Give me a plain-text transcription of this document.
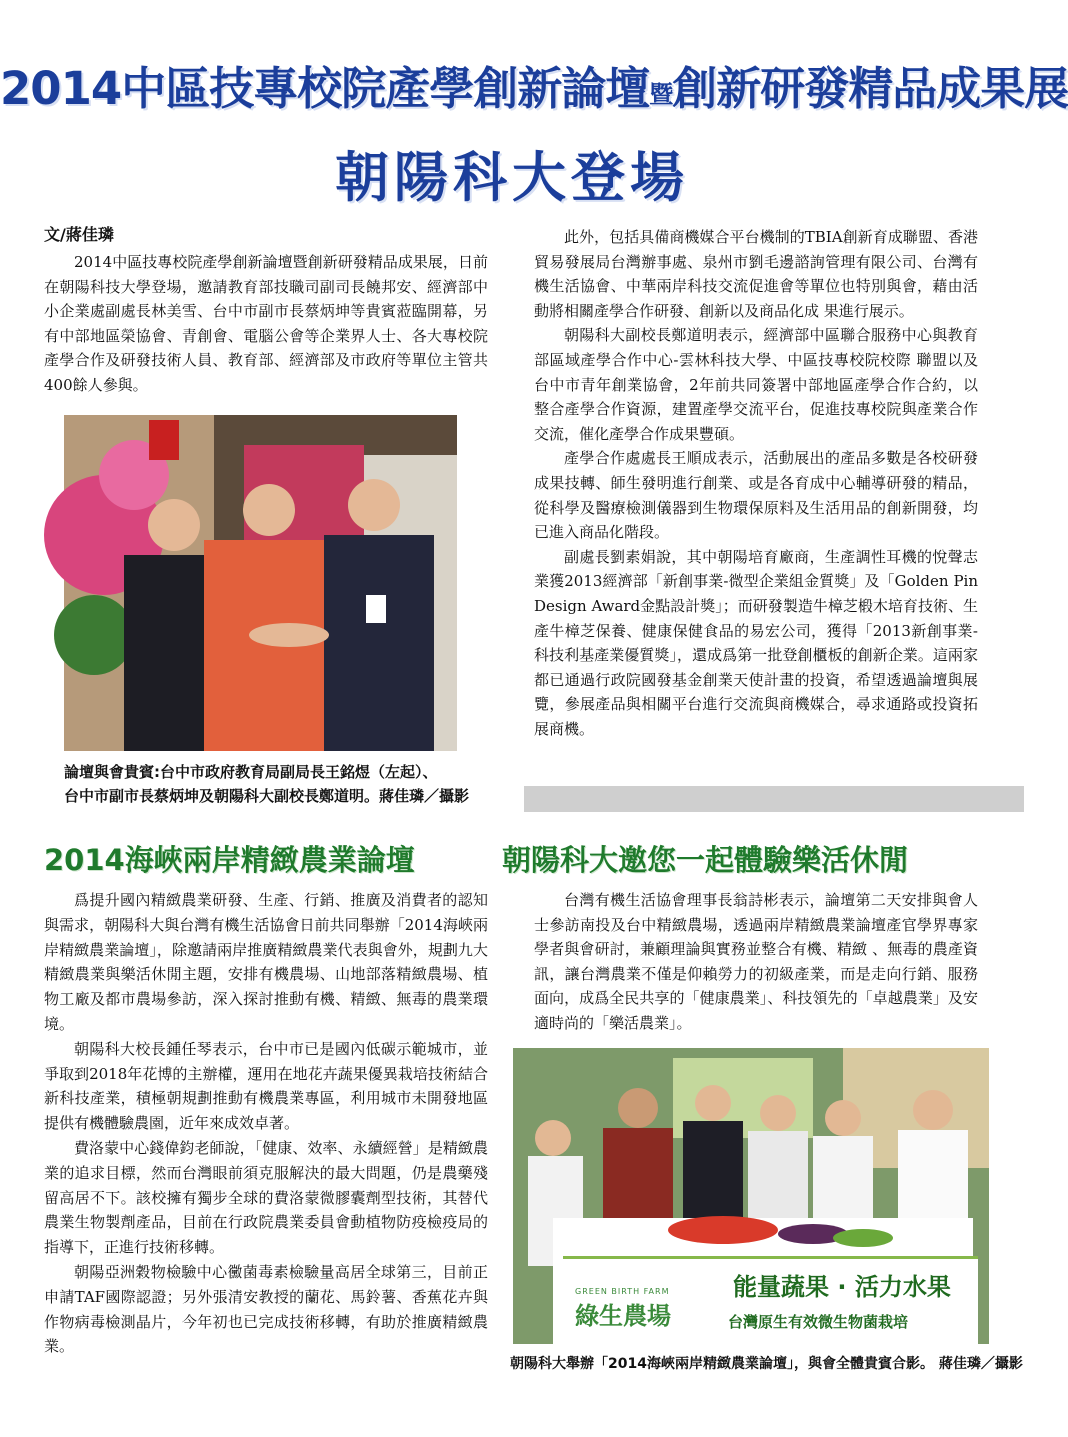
2014中區技專校院產學創新論壇暨創新研發精品成果展
朝陽科大登場
文/蔣佳璘

2014中區技專校院產學創新論壇暨創新研發精品成果展，日前在朝陽科技大學登場，邀請教育部技職司副司長饒邦安、經濟部中小企業處副處長林美雪、台中市副市長蔡炳坤等貴賓蒞臨開幕，另有中部地區榮協會、青創會、電腦公會等企業界人士、各大專校院產學合作及研發技術人員、教育部、經濟部及市政府等單位主管共400餘人參與。

論壇與會貴賓:台中市政府教育局副局長王銘煜（左起）、
台中市副市長蔡炳坤及朝陽科大副校長鄭道明。蔣佳璘／攝影

此外，包括具備商機媒合平台機制的TBIA創新育成聯盟、香港貿易發展局台灣辦事處、泉州市劉毛邊諮詢管理有限公司、台灣有機生活協會、中華兩岸科技交流促進會等單位也特別與會，藉由活動將相關產學合作研發、創新以及商品化成 果進行展示。

朝陽科大副校長鄭道明表示，經濟部中區聯合服務中心與教育部區域產學合作中心-雲林科技大學、中區技專校院校際 聯盟以及台中市青年創業協會，2年前共同簽署中部地區產學合作合約，以整合產學合作資源，建置產學交流平台，促進技專校院與產業合作交流，催化產學合作成果豐碩。

產學合作處處長王順成表示，活動展出的產品多數是各校研發成果技轉、師生發明進行創業、或是各育成中心輔導研發的精品，從科學及醫療檢測儀器到生物環保原料及生活用品的創新開發，均已進入商品化階段。

副處長劉素娟說，其中朝陽培育廠商，生產調性耳機的悅聲志業獲2013經濟部「新創事業-微型企業組金質獎」及「Golden Pin Design Award金點設計獎」；而研發製造牛樟芝椴木培育技術、生產牛樟芝保養、健康保健食品的易宏公司，獲得「2013新創事業-科技利基產業優質獎」，還成爲第一批登創櫃板的創新企業。這兩家都已通過行政院國發基金創業天使計畫的投資，希望透過論壇與展覽，參展產品與相關平台進行交流與商機媒合，尋求通路或投資拓展商機。

2014海峽兩岸精緻農業論壇	朝陽科大邀您一起體驗樂活休閒

爲提升國內精緻農業研發、生產、行銷、推廣及消費者的認知與需求，朝陽科大與台灣有機生活協會日前共同舉辦「2014海峽兩岸精緻農業論壇」，除邀請兩岸推廣精緻農業代表與會外，規劃九大精緻農業與樂活休閒主題，安排有機農場、山地部落精緻農場、植物工廠及都市農場參訪，深入探討推動有機、精緻、無毒的農業環境。

朝陽科大校長鍾任琴表示，台中市已是國內低碳示範城市，並爭取到2018年花博的主辦權，運用在地花卉蔬果優異栽培技術結合新科技產業，積極朝規劃推動有機農業專區，利用城市未開發地區提供有機體驗農園，近年來成效卓著。

費洛蒙中心錢偉鈞老師說，「健康、效率、永續經營」是精緻農業的追求目標，然而台灣眼前須克服解決的最大問題，仍是農藥殘留高居不下。該校擁有獨步全球的費洛蒙微膠囊劑型技術，其替代農業生物製劑產品，目前在行政院農業委員會動植物防疫檢疫局的指導下，正進行技術移轉。

朝陽亞洲穀物檢驗中心黴菌毒素檢驗量高居全球第三，目前正申請TAF國際認證；另外張清安教授的蘭花、馬鈴薯、香蕉花卉與作物病毒檢測晶片，今年初也已完成技術移轉，有助於推廣精緻農業。

台灣有機生活協會理事長翁詩彬表示，論壇第二天安排與會人士參訪南投及台中精緻農場，透過兩岸精緻農業論壇產官學界專家學者與會研討，兼顧理論與實務並整合有機、精緻 、無毒的農產資訊，讓台灣農業不僅是仰賴勞力的初級產業，而是走向行銷、服務面向，成爲全民共享的「健康農業」、科技領先的「卓越農業」及安適時尚的「樂活農業」。

GREEN BIRTH FARM
綠生農場
能量蔬果 · 活力水果
台灣原生有效微生物菌栽培
朝陽科大舉辦「2014海峽兩岸精緻農業論壇」，與會全體貴賓合影。 蔣佳璘／攝影
